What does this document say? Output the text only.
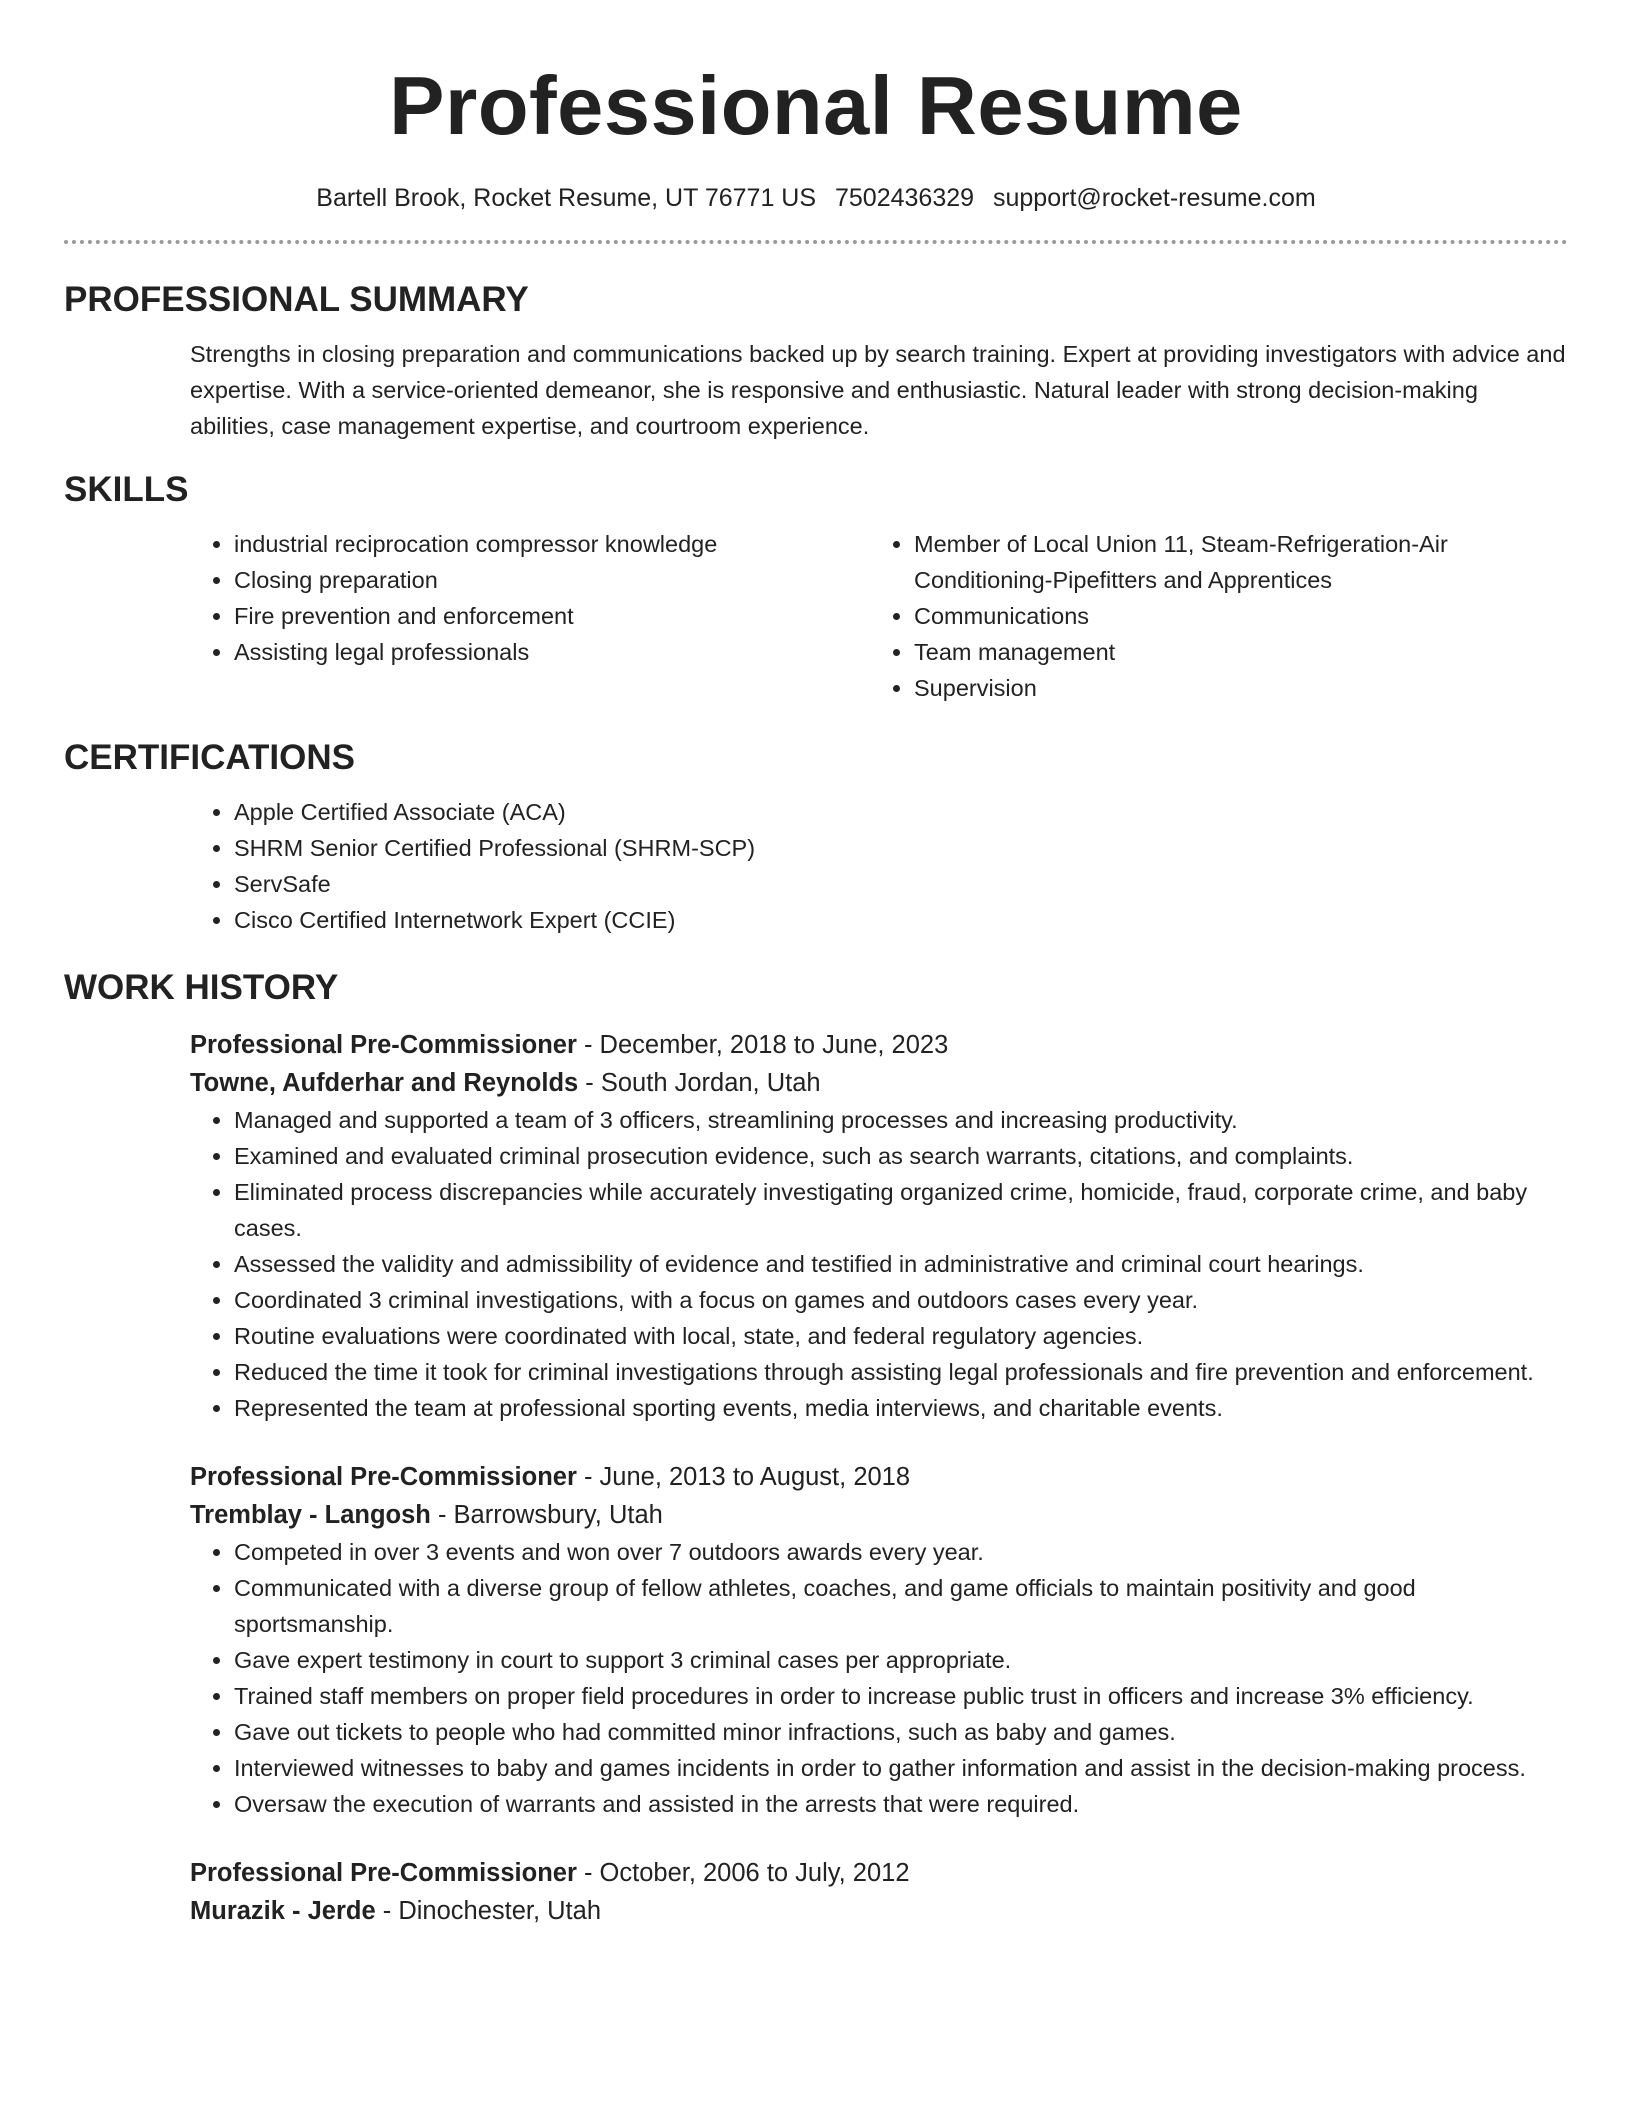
Professional Resume
Bartell Brook, Rocket Resume, UT 76771 US 7502436329 support@rocket-resume.com
PROFESSIONAL SUMMARY

Strengths in closing preparation and communications backed up by search training. Expert at providing investigators with advice and expertise. With a service-oriented demeanor, she is responsive and enthusiastic. Natural leader with strong decision-making abilities, case management expertise, and courtroom experience.

SKILLS
• industrial reciprocation compressor knowledge
• Closing preparation
• Fire prevention and enforcement
• Assisting legal professionals
• Member of Local Union 11, Steam-Refrigeration-Air Conditioning-Pipefitters and Apprentices
• Communications
• Team management
• Supervision
CERTIFICATIONS
• Apple Certified Associate (ACA)
• SHRM Senior Certified Professional (SHRM-SCP)
• ServSafe
• Cisco Certified Internetwork Expert (CCIE)
WORK HISTORY
Professional Pre-Commissioner - December, 2018 to June, 2023
Towne, Aufderhar and Reynolds - South Jordan, Utah
• Managed and supported a team of 3 officers, streamlining processes and increasing productivity.
• Examined and evaluated criminal prosecution evidence, such as search warrants, citations, and complaints.
• Eliminated process discrepancies while accurately investigating organized crime, homicide, fraud, corporate crime, and baby cases.
• Assessed the validity and admissibility of evidence and testified in administrative and criminal court hearings.
• Coordinated 3 criminal investigations, with a focus on games and outdoors cases every year.
• Routine evaluations were coordinated with local, state, and federal regulatory agencies.
• Reduced the time it took for criminal investigations through assisting legal professionals and fire prevention and enforcement.
• Represented the team at professional sporting events, media interviews, and charitable events.
Professional Pre-Commissioner - June, 2013 to August, 2018
Tremblay - Langosh - Barrowsbury, Utah
• Competed in over 3 events and won over 7 outdoors awards every year.
• Communicated with a diverse group of fellow athletes, coaches, and game officials to maintain positivity and good sportsmanship.
• Gave expert testimony in court to support 3 criminal cases per appropriate.
• Trained staff members on proper field procedures in order to increase public trust in officers and increase 3% efficiency.
• Gave out tickets to people who had committed minor infractions, such as baby and games.
• Interviewed witnesses to baby and games incidents in order to gather information and assist in the decision-making process.
• Oversaw the execution of warrants and assisted in the arrests that were required.
Professional Pre-Commissioner - October, 2006 to July, 2012
Murazik - Jerde - Dinochester, Utah
